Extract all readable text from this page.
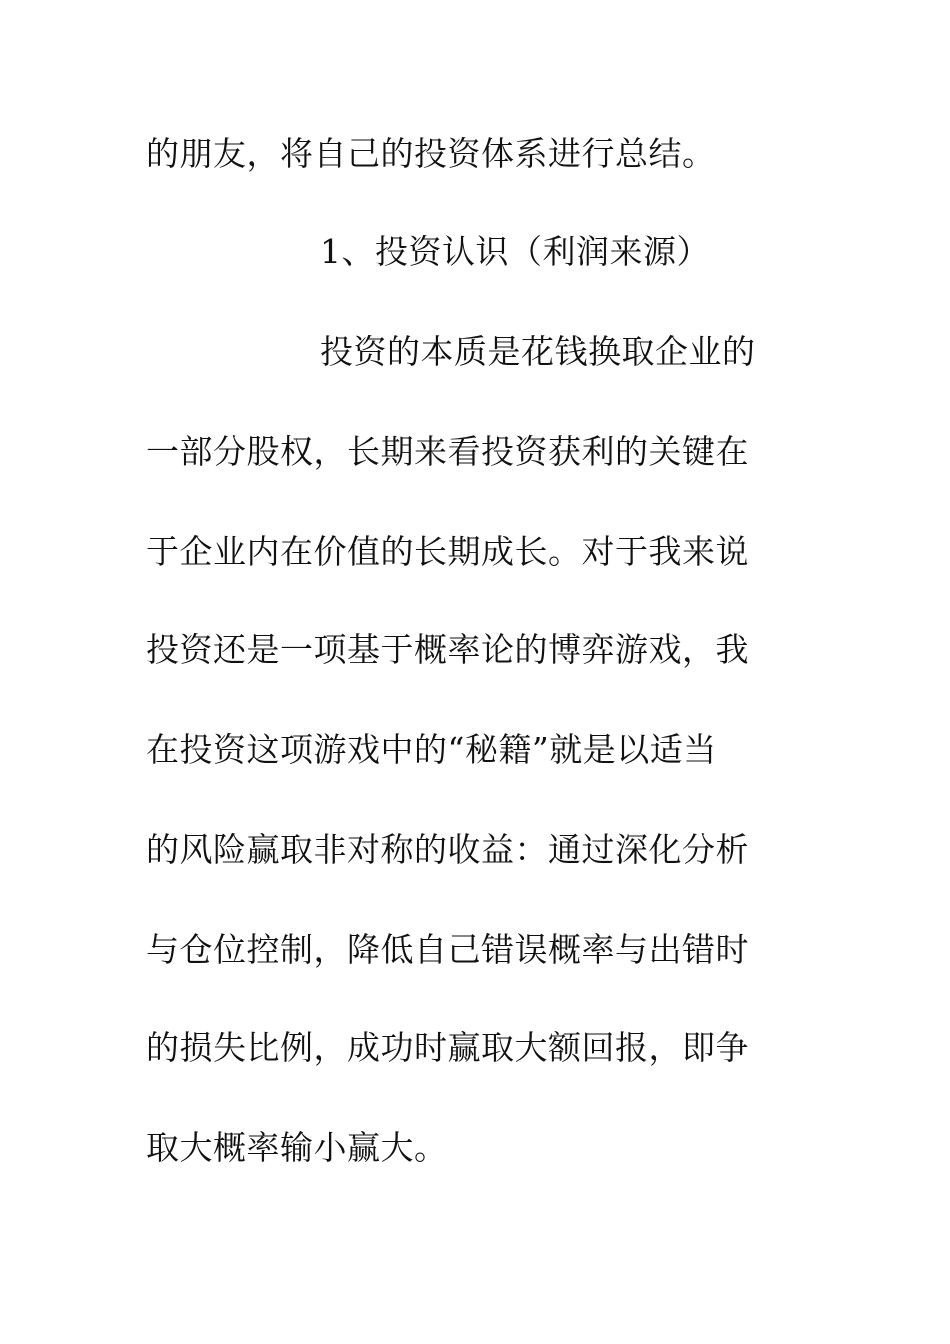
的朋友，将自己的投资体系进行总结。
1、投资认识（利润来源）
投资的本质是花钱换取企业的
一部分股权，长期来看投资获利的关键在
于企业内在价值的长期成长。对于我来说
投资还是一项基于概率论的博弈游戏，我
在投资这项游戏中的“秘籍”就是以适当
的风险赢取非对称的收益：通过深化分析
与仓位控制，降低自己错误概率与出错时
的损失比例，成功时赢取大额回报，即争
取大概率输小赢大。
